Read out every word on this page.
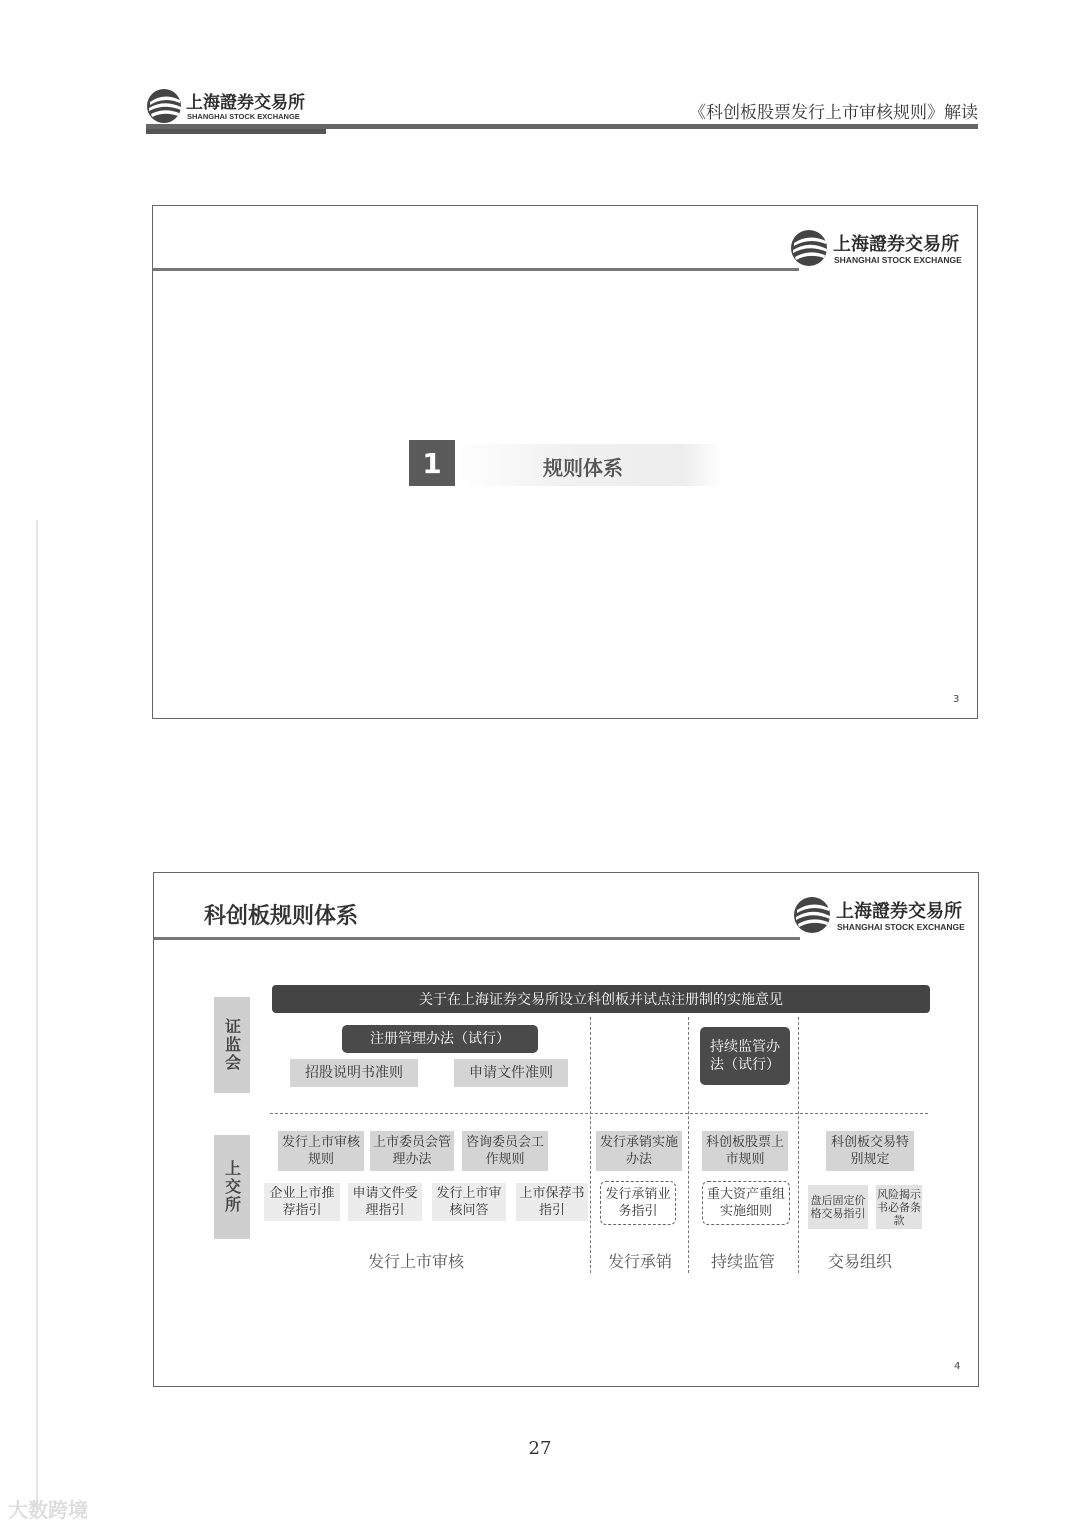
上海證券交易所
SHANGHAI STOCK EXCHANGE	《科创板股票发行上市审核规则》解读
上海證券交易所
SHANGHAI STOCK EXCHANGE
1	规则体系
3
科创板规则体系	上海證券交易所
SHANGHAI STOCK EXCHANGE
证监会
上交所
关于在上海证券交易所设立科创板并试点注册制的实施意见
注册管理办法（试行）
招股说明书准则	申请文件准则
持续监管办法（试行）
发行上市审核规则
上市委员会管理办法
咨询委员会工作规则
发行承销实施办法
科创板股票上市规则
科创板交易特别规定
企业上市推荐指引
申请文件受理指引
发行上市审核问答
上市保荐书指引
发行承销业务指引
重大资产重组实施细则
盘后固定价格交易指引
风险揭示书必备条款
发行上市审核	发行承销	持续监管	交易组织
4
27
大数跨境
